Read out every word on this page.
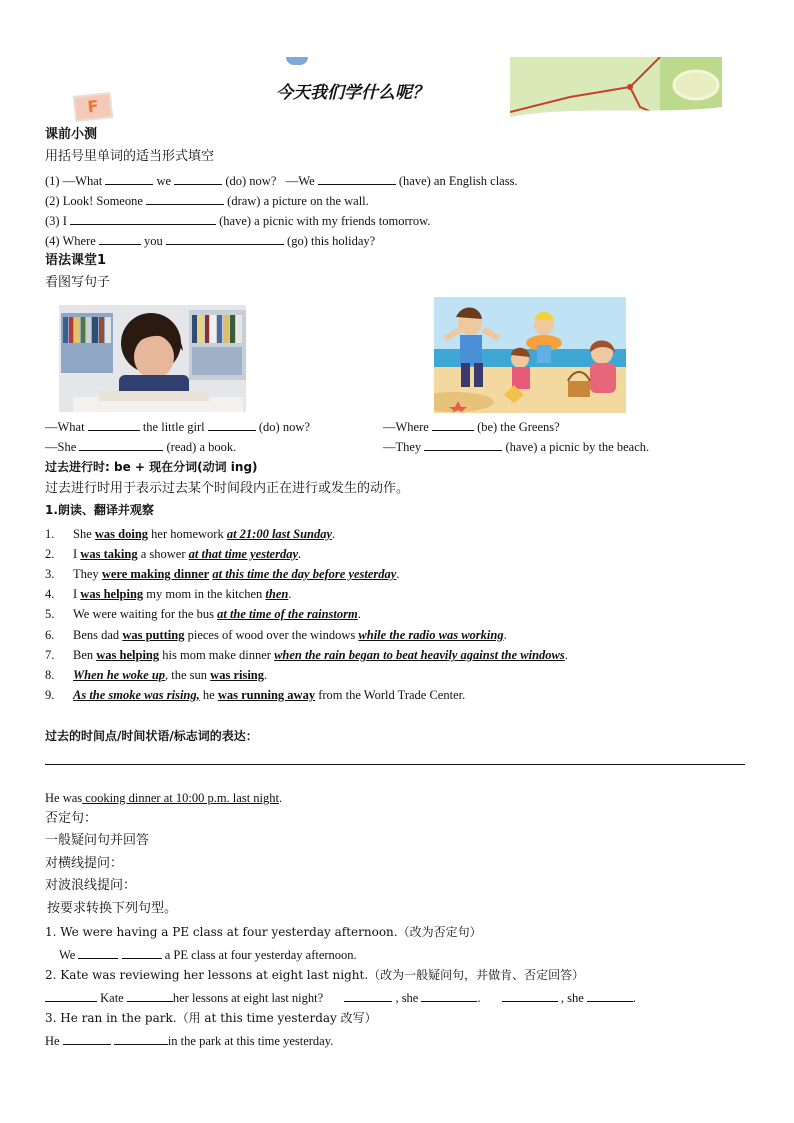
F
今天我们学什么呢？
课前小测
用括号里单词的适当形式填空
(1) —What	we	(do) now? —We	(have) an English class.
(2) Look! Someone	(draw) a picture on the wall.
(3) I	(have) a picnic with my friends tomorrow.
(4) Where	you	(go) this holiday?
语法课堂1
看图写句子
—What	the little girl	(do) now?
—She	(read) a book.
—Where	(be) the Greens?
—They	(have) a picnic by the beach.
过去进行时: be + 现在分词(动词 ing)
过去进行时用于表示过去某个时间段内正在进行或发生的动作。
1.朗读、翻译并观察
1. She was doing her homework at 21:00 last Sunday.
2. I was taking a shower at that time yesterday.
3. They were making dinner at this time the day before yesterday.
4. I was helping my mom in the kitchen then.
5. We were waiting for the bus at the time of the rainstorm.
6. Bens dad was putting pieces of wood over the windows while the radio was working.
7. Ben was helping his mom make dinner when the rain began to beat heavily against the windows.
8. When he woke up, the sun was rising.
9. As the smoke was rising, he was running away from the World Trade Center.
过去的时间点/时间状语/标志词的表达：
He was cooking dinner at 10:00 p.m. last night.
否定句：
一般疑问句并回答
对横线提问：
对波浪线提问：
按要求转换下列句型。
1. We were having a PE class at four yesterday afternoon.（改为否定句）
We	a PE class at four yesterday afternoon.
2. Kate was reviewing her lessons at eight last night.（改为一般疑问句，并做肯、否定回答）
Kate	her lessons at eight last night?	, she	.	, she	.
3. He ran in the park.（用 at this time yesterday 改写）
He	in the park at this time yesterday.
